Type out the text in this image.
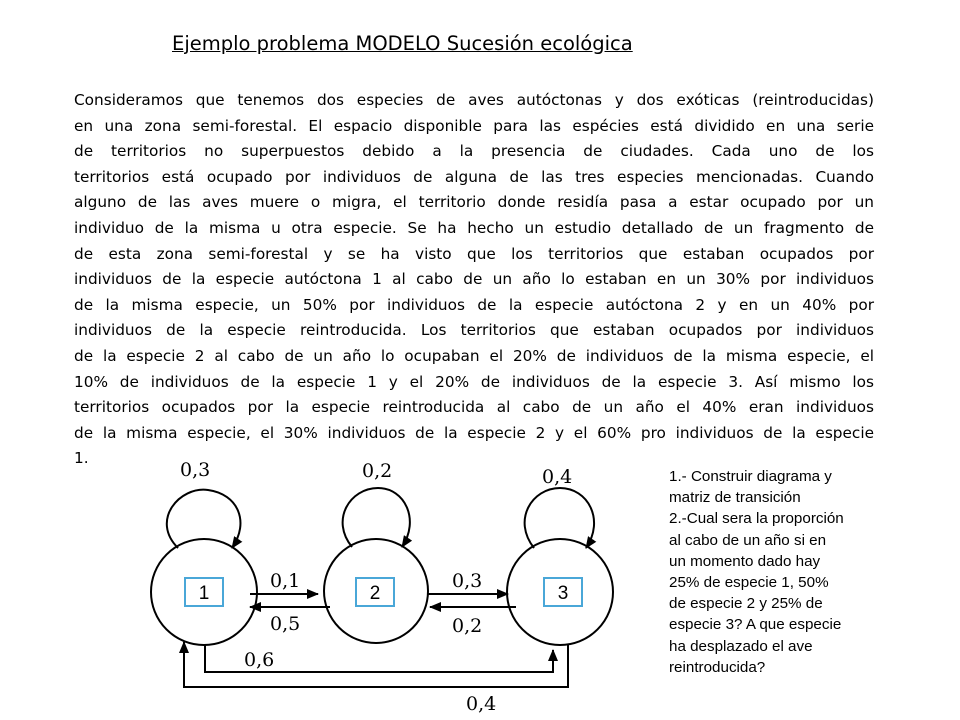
Ejemplo problema MODELO Sucesión ecológica
Consideramos que tenemos dos especies de aves autóctonas y dos exóticas (reintroducidas)
en una zona semi-forestal. El espacio disponible para las espécies está dividido en una serie
de territorios no superpuestos debido a la presencia de ciudades. Cada uno de los
territorios está ocupado por individuos de alguna de las tres especies mencionadas. Cuando
alguno de las aves muere o migra, el territorio donde residía pasa a estar ocupado por un
individuo de la misma u otra especie. Se ha hecho un estudio detallado de un fragmento de
de esta zona semi-forestal y se ha visto que los territorios que estaban ocupados por
individuos de la especie autóctona 1 al cabo de un año lo estaban en un 30% por individuos
de la misma especie, un 50% por individuos de la especie autóctona 2 y en un 40% por
individuos de la especie reintroducida. Los territorios que estaban ocupados por individuos
de la especie 2 al cabo de un año lo ocupaban el 20% de individuos de la misma especie, el
10% de individuos de la especie 1 y el 20% de individuos de la especie 3. Así mismo los
territorios ocupados por la especie reintroducida al cabo de un año el 40% eran individuos
de la misma especie, el 30% individuos de la especie 2 y el 60% pro individuos de la especie
1.
1	2	3
0,3	0,2	0,4
0,1
0,5
0,3
0,2
0,6
0,4
1.- Construir diagrama y
matriz de transición
2.-Cual sera la proporción
al cabo de un año si en
un momento dado hay
25% de especie 1, 50%
de especie 2 y 25% de
especie 3? A que especie
ha desplazado el ave
reintroducida?
